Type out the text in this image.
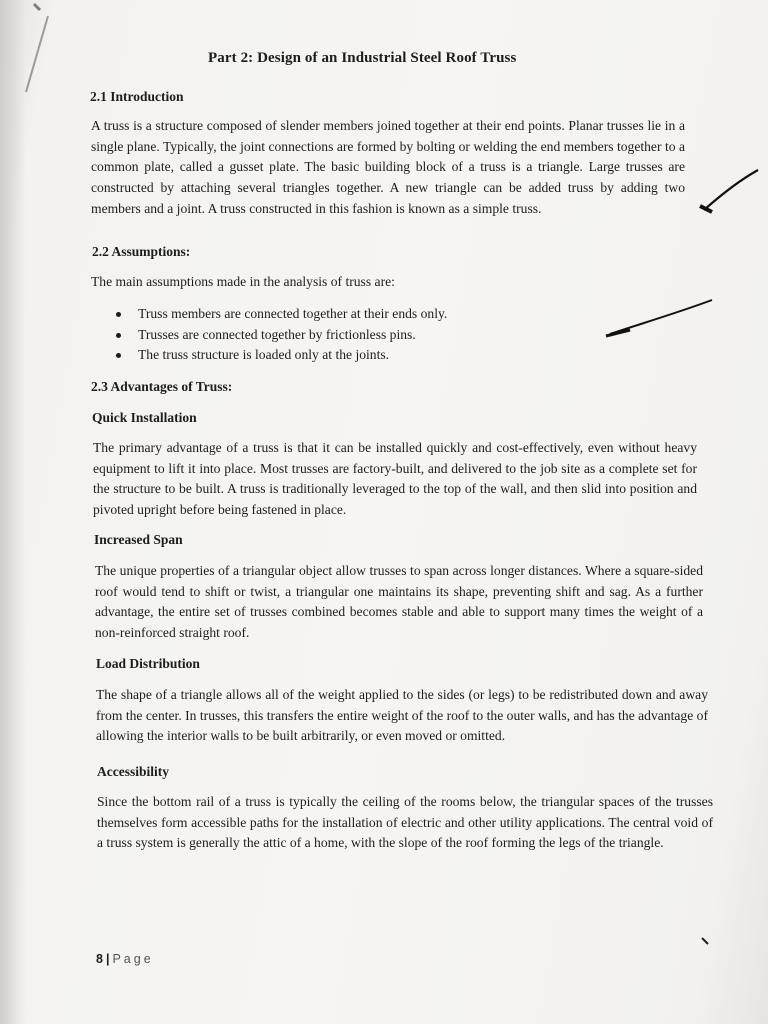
Part 2: Design of an Industrial Steel Roof Truss
2.1 Introduction
A truss is a structure composed of slender members joined together at their end points. Planar trusses lie in a single plane. Typically, the joint connections are formed by bolting or welding the end members together to a common plate, called a gusset plate. The basic building block of a truss is a triangle. Large trusses are constructed by attaching several triangles together. A new triangle can be added truss by adding two members and a joint. A truss constructed in this fashion is known as a simple truss.
2.2 Assumptions:
The main assumptions made in the analysis of truss are:
Truss members are connected together at their ends only.
Trusses are connected together by frictionless pins.
The truss structure is loaded only at the joints.
2.3 Advantages of Truss:
Quick Installation
The primary advantage of a truss is that it can be installed quickly and cost-effectively, even without heavy equipment to lift it into place. Most trusses are factory-built, and delivered to the job site as a complete set for the structure to be built. A truss is traditionally leveraged to the top of the wall, and then slid into position and pivoted upright before being fastened in place.
Increased Span
The unique properties of a triangular object allow trusses to span across longer distances. Where a square-sided roof would tend to shift or twist, a triangular one maintains its shape, preventing shift and sag. As a further advantage, the entire set of trusses combined becomes stable and able to support many times the weight of a non-reinforced straight roof.
Load Distribution
The shape of a triangle allows all of the weight applied to the sides (or legs) to be redistributed down and away from the center. In trusses, this transfers the entire weight of the roof to the outer walls, and has the advantage of allowing the interior walls to be built arbitrarily, or even moved or omitted.
Accessibility
Since the bottom rail of a truss is typically the ceiling of the rooms below, the triangular spaces of the trusses themselves form accessible paths for the installation of electric and other utility applications. The central void of a truss system is generally the attic of a home, with the slope of the roof forming the legs of the triangle.
8 | Page
